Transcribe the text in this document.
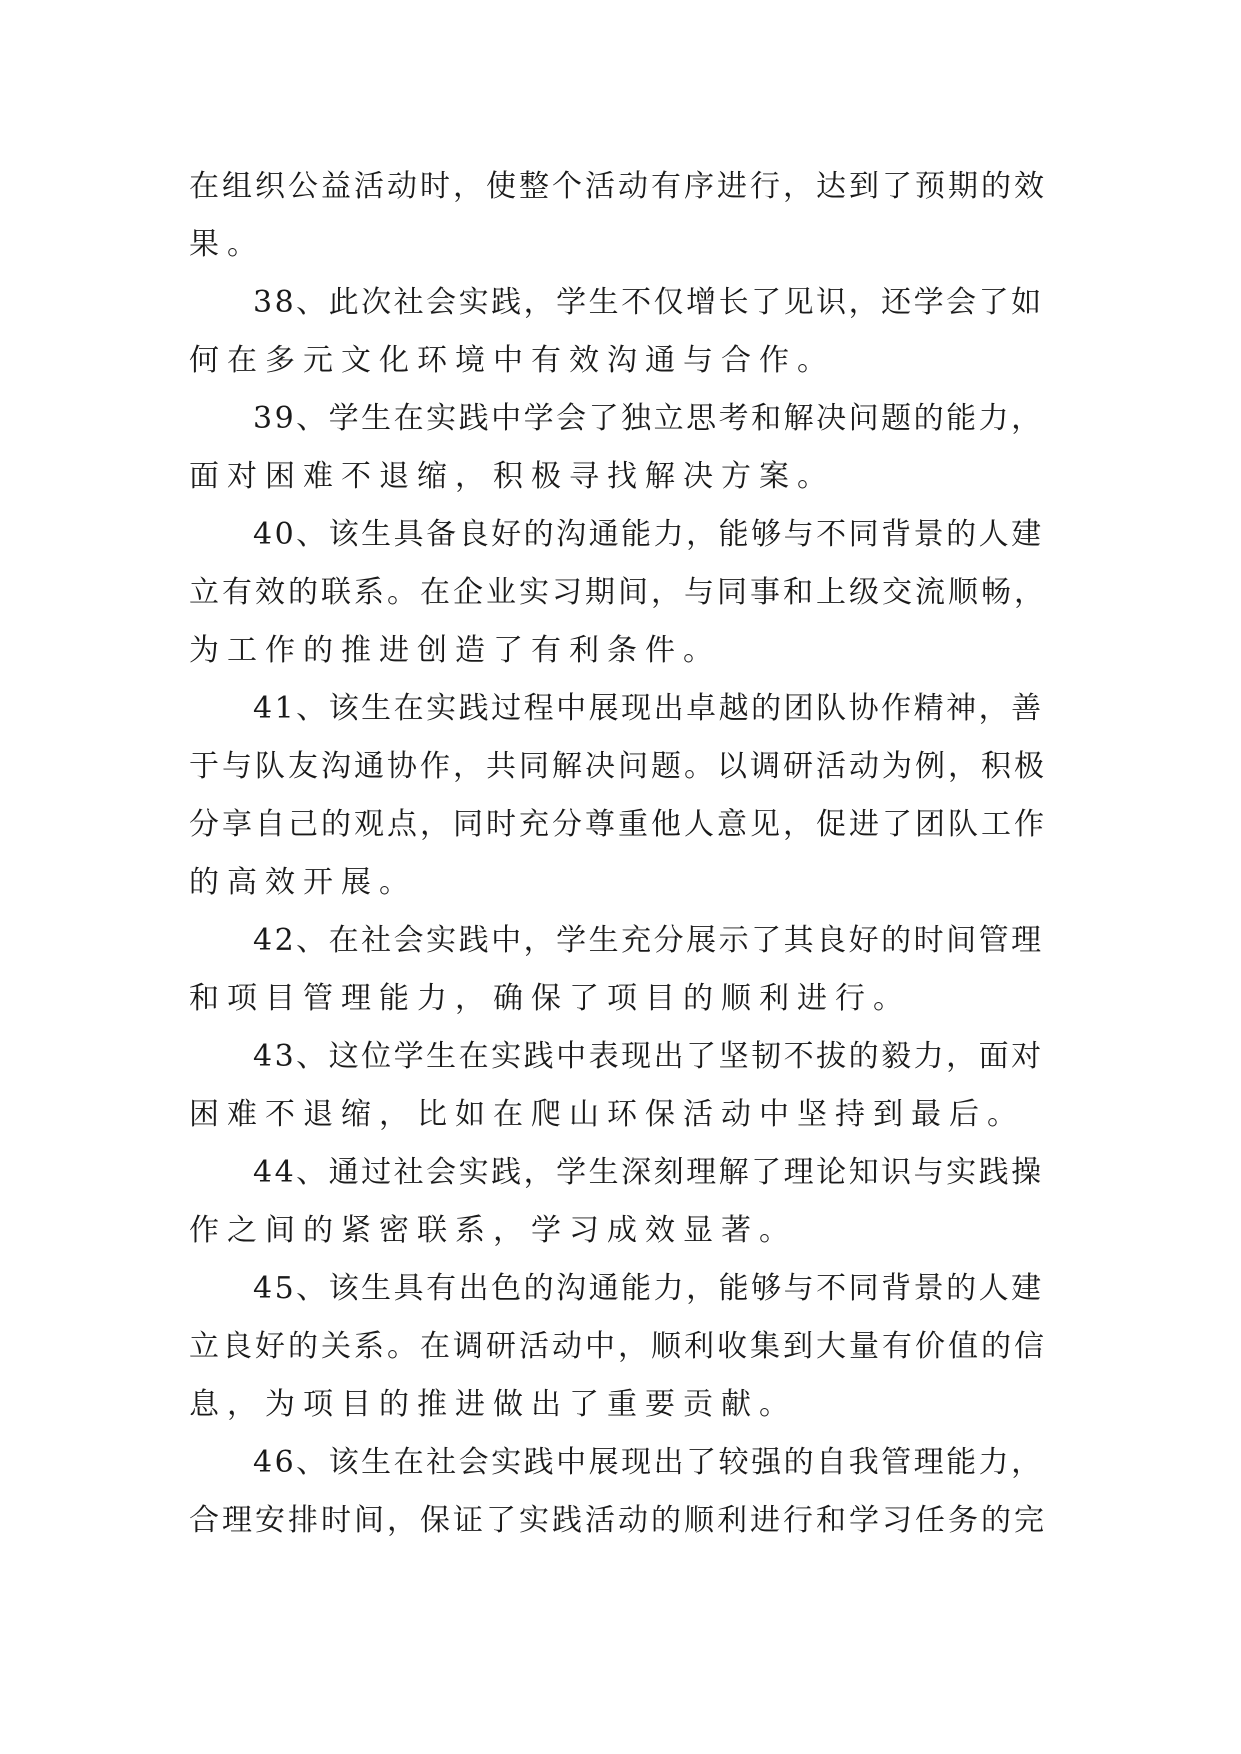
在组织公益活动时，使整个活动有序进行，达到了预期的效
果。
38、此次社会实践，学生不仅增长了见识，还学会了如
何在多元文化环境中有效沟通与合作。
39、学生在实践中学会了独立思考和解决问题的能力，
面对困难不退缩，积极寻找解决方案。
40、该生具备良好的沟通能力，能够与不同背景的人建
立有效的联系。在企业实习期间，与同事和上级交流顺畅，
为工作的推进创造了有利条件。
41、该生在实践过程中展现出卓越的团队协作精神，善
于与队友沟通协作，共同解决问题。以调研活动为例，积极
分享自己的观点，同时充分尊重他人意见，促进了团队工作
的高效开展。
42、在社会实践中，学生充分展示了其良好的时间管理
和项目管理能力，确保了项目的顺利进行。
43、这位学生在实践中表现出了坚韧不拔的毅力，面对
困难不退缩，比如在爬山环保活动中坚持到最后。
44、通过社会实践，学生深刻理解了理论知识与实践操
作之间的紧密联系，学习成效显著。
45、该生具有出色的沟通能力，能够与不同背景的人建
立良好的关系。在调研活动中，顺利收集到大量有价值的信
息，为项目的推进做出了重要贡献。
46、该生在社会实践中展现出了较强的自我管理能力，
合理安排时间，保证了实践活动的顺利进行和学习任务的完
